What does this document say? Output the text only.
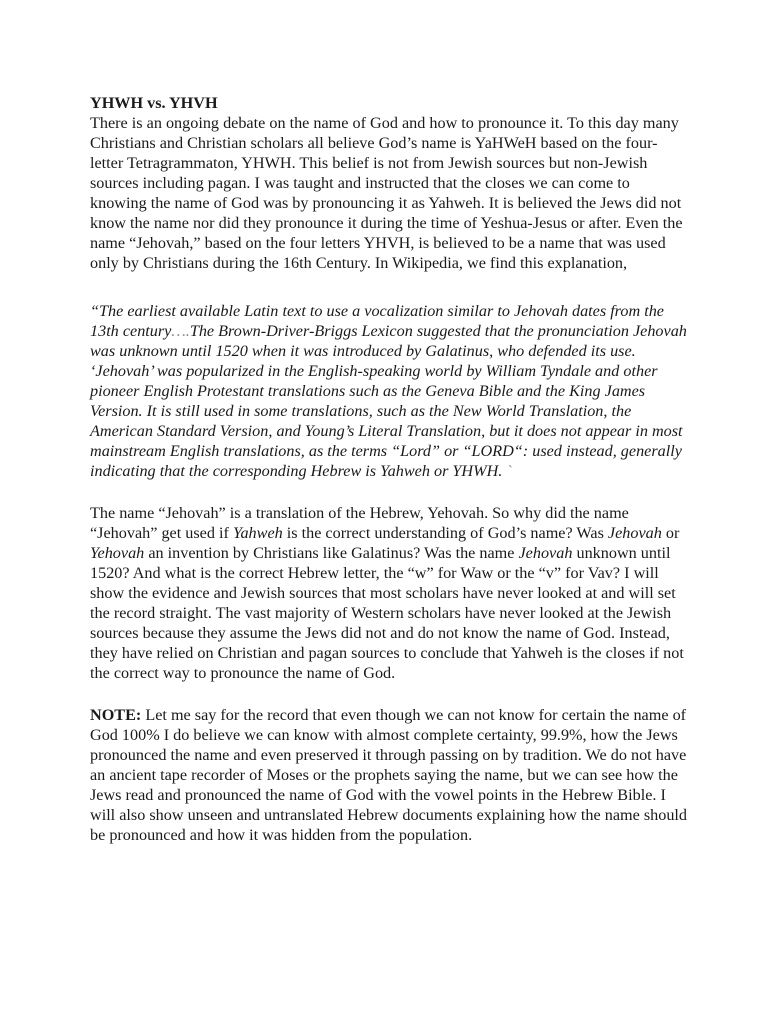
YHWH vs. YHVH

There is an ongoing debate on the name of God and how to pronounce it. To this day many Christians and Christian scholars all believe God’s name is YaHWeH based on the four-letter Tetragrammaton, YHWH. This belief is not from Jewish sources but non-Jewish sources including pagan. I was taught and instructed that the closes we can come to knowing the name of God was by pronouncing it as Yahweh. It is believed the Jews did not know the name nor did they pronounce it during the time of Yeshua-Jesus or after. Even the name “Jehovah,” based on the four letters YHVH, is believed to be a name that was used only by Christians during the 16th Century. In Wikipedia, we find this explanation,

“The earliest available Latin text to use a vocalization similar to Jehovah dates from the 13th century….The Brown-Driver-Briggs Lexicon suggested that the pronunciation Jehovah was unknown until 1520 when it was introduced by Galatinus, who defended its use. ‘Jehovah’ was popularized in the English-speaking world by William Tyndale and other pioneer English Protestant translations such as the Geneva Bible and the King James Version. It is still used in some translations, such as the New World Translation, the American Standard Version, and Young’s Literal Translation, but it does not appear in most mainstream English translations, as the terms “Lord” or “LORD“: used instead, generally indicating that the corresponding Hebrew is Yahweh or YHWH. `

The name “Jehovah” is a translation of the Hebrew, Yehovah. So why did the name “Jehovah” get used if Yahweh is the correct understanding of God’s name? Was Jehovah or Yehovah an invention by Christians like Galatinus? Was the name Jehovah unknown until 1520? And what is the correct Hebrew letter, the “w” for Waw or the “v” for Vav? I will show the evidence and Jewish sources that most scholars have never looked at and will set the record straight. The vast majority of Western scholars have never looked at the Jewish sources because they assume the Jews did not and do not know the name of God. Instead, they have relied on Christian and pagan sources to conclude that Yahweh is the closes if not the correct way to pronounce the name of God.

NOTE: Let me say for the record that even though we can not know for certain the name of God 100% I do believe we can know with almost complete certainty, 99.9%, how the Jews pronounced the name and even preserved it through passing on by tradition. We do not have an ancient tape recorder of Moses or the prophets saying the name, but we can see how the Jews read and pronounced the name of God with the vowel points in the Hebrew Bible. I will also show unseen and untranslated Hebrew documents explaining how the name should be pronounced and how it was hidden from the population.
